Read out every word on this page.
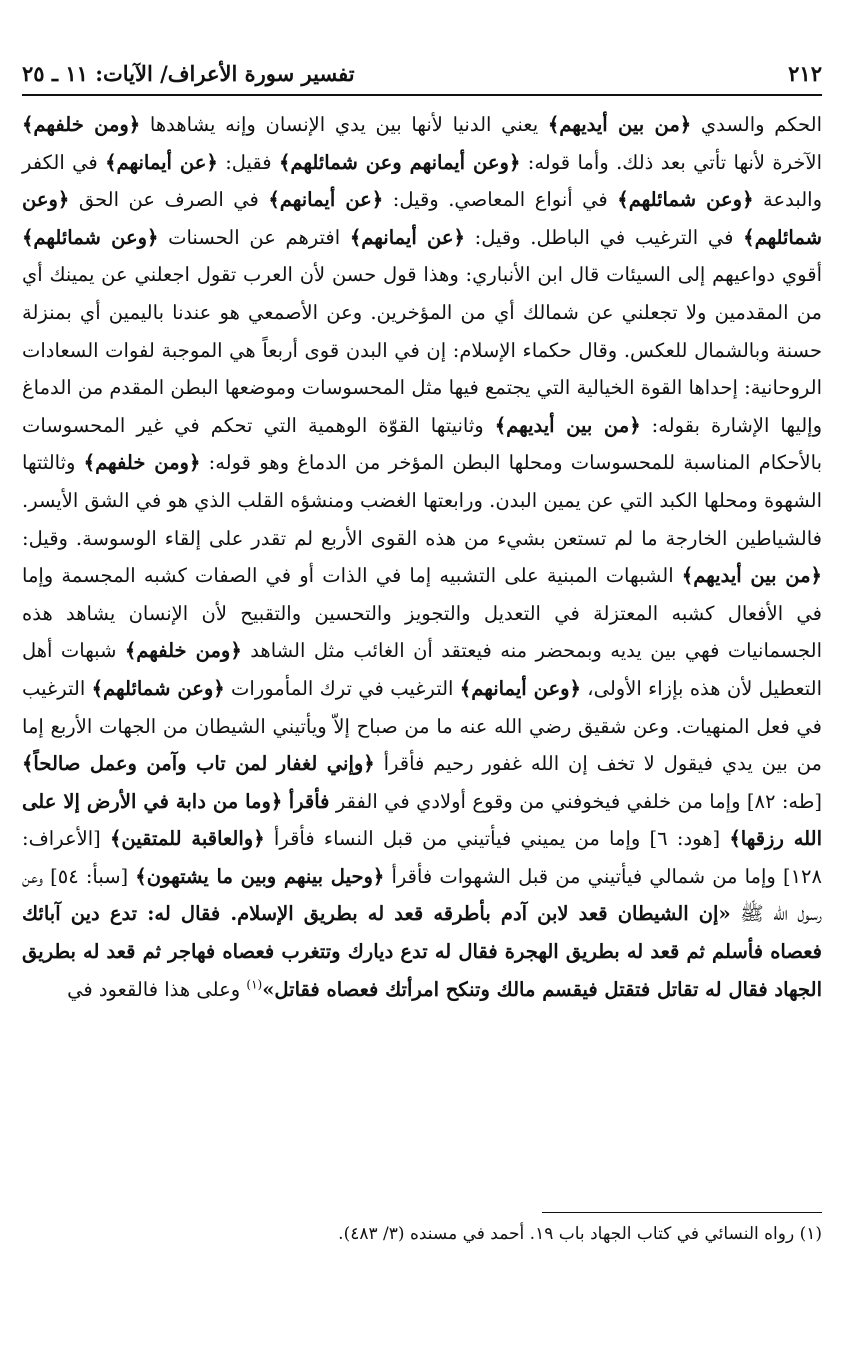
٢١٢
تفسير سورة الأعراف/ الآيات: ١١ ـ ٢٥

الحكم والسدي ﴿من بين أيديهم﴾ يعني الدنيا لأنها بين يدي الإنسان وإنه يشاهدها ﴿ومن خلفهم﴾ الآخرة لأنها تأتي بعد ذلك. وأما قوله: ﴿وعن أيمانهم وعن شمائلهم﴾ فقيل: ﴿عن أيمانهم﴾ في الكفر والبدعة ﴿وعن شمائلهم﴾ في أنواع المعاصي. وقيل: ﴿عن أيمانهم﴾ في الصرف عن الحق ﴿وعن شمائلهم﴾ في الترغيب في الباطل. وقيل: ﴿عن أيمانهم﴾ افترهم عن الحسنات ﴿وعن شمائلهم﴾ أقوي دواعيهم إلى السيئات قال ابن الأنباري: وهذا قول حسن لأن العرب تقول اجعلني عن يمينك أي من المقدمين ولا تجعلني عن شمالك أي من المؤخرين. وعن الأصمعي هو عندنا باليمين أي بمنزلة حسنة وبالشمال للعكس. وقال حكماء الإسلام: إن في البدن قوى أربعاً هي الموجبة لفوات السعادات الروحانية: إحداها القوة الخيالية التي يجتمع فيها مثل المحسوسات وموضعها البطن المقدم من الدماغ وإليها الإشارة بقوله: ﴿من بين أيديهم﴾ وثانيتها القوّة الوهمية التي تحكم في غير المحسوسات بالأحكام المناسبة للمحسوسات ومحلها البطن المؤخر من الدماغ وهو قوله: ﴿ومن خلفهم﴾ وثالثتها الشهوة ومحلها الكبد التي عن يمين البدن. ورابعتها الغضب ومنشؤه القلب الذي هو في الشق الأيسر. فالشياطين الخارجة ما لم تستعن بشيء من هذه القوى الأربع لم تقدر على إلقاء الوسوسة. وقيل: ﴿من بين أيديهم﴾ الشبهات المبنية على التشبيه إما في الذات أو في الصفات كشبه المجسمة وإما في الأفعال كشبه المعتزلة في التعديل والتجويز والتحسين والتقبيح لأن الإنسان يشاهد هذه الجسمانيات فهي بين يديه وبمحضر منه فيعتقد أن الغائب مثل الشاهد ﴿ومن خلفهم﴾ شبهات أهل التعطيل لأن هذه بإزاء الأولى، ﴿وعن أيمانهم﴾ الترغيب في ترك المأمورات ﴿وعن شمائلهم﴾ الترغيب في فعل المنهيات. وعن شقيق رضي الله عنه ما من صباح إلاّ ويأتيني الشيطان من الجهات الأربع إما من بين يدي فيقول لا تخف إن الله غفور رحيم فأقرأ ﴿وإني لغفار لمن تاب وآمن وعمل صالحاً﴾ [طه: ٨٢] وإما من خلفي فيخوفني من وقوع أولادي في الفقر فأقرأ ﴿وما من دابة في الأرض إلا على الله رزقها﴾ [هود: ٦] وإما من يميني فيأتيني من قبل النساء فأقرأ ﴿والعاقبة للمتقين﴾ [الأعراف: ١٢٨] وإما من شمالي فيأتيني من قبل الشهوات فأقرأ ﴿وحيل بينهم وبين ما يشتهون﴾ [سبأ: ٥٤] وعن رسول الله ﷺ «إن الشيطان قعد لابن آدم بأطرقه قعد له بطريق الإسلام. فقال له: تدع دين آبائك فعصاه فأسلم ثم قعد له بطريق الهجرة فقال له تدع ديارك وتتغرب فعصاه فهاجر ثم قعد له بطريق الجهاد فقال له تقاتل فتقتل فيقسم مالك وتنكح امرأتك فعصاه فقاتل»$^{(١)}$ وعلى هذا فالقعود في

(١) رواه النسائي في كتاب الجهاد باب ١٩. أحمد في مسنده (٣/ ٤٨٣).
